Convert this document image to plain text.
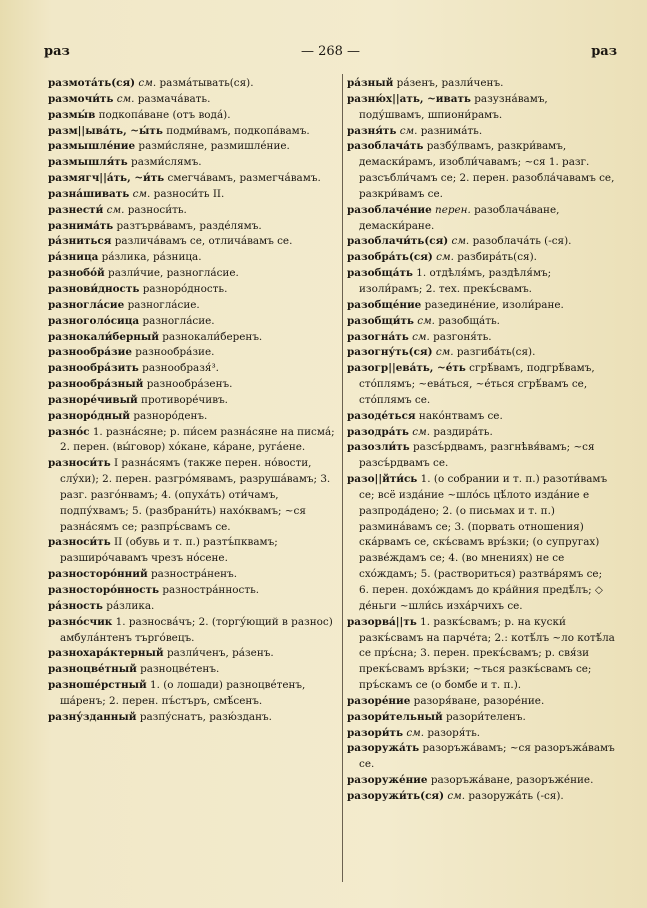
раз	— 268 —	раз

размота́ть(ся) см. разма́тывать(ся).

размочи́ть см. размача́вать.

размы́в подкопа́ване (отъ вода́).

разм||ыва́ть, ~ы́ть подми́вамъ, подкопа́вамъ.

размышле́ние разми́сляне, размишле́ние.

размышля́ть разми́слямъ.

размягч||а́ть, ~и́ть смегча́вамъ, размегча́вамъ.

разна́шивать см. разноси́ть II.

разнести́ см. разноси́ть.

разнима́ть разтърва́вамъ, разде́лямъ.

ра́зниться различа́вамъ се, отлича́вамъ се.

ра́зница ра́злика, ра́зница.

разнобо́й разли́чие, разногла́сие.

разнови́дность разноро́дность.

разногла́сие разногла́сие.

разноголо́сица разногла́сие.

разнокали́берный разнокали́беренъ.

разнообра́зие разнообра́зие.

разнообра́зить разнообразя́³.

разнообра́зный разнообра́зенъ.

разноре́чивый противоре́чивъ.

разноро́дный разноро́денъ.

разно́с 1. разна́сяне; р. пи́сем разна́сяне на писма́; 2. перен. (вы́говор) хо́кане, ка́ране, руга́ене.

разноси́ть I разна́сямъ (также перен. но́вости, слу́хи); 2. перен. разгро́мявамъ, разруша́вамъ; 3. разг. разго́нвамъ; 4. (опуха́ть) оти́чамъ, подпу́хвамъ; 5. (разбрани́ть) нахо́квамъ; ~ся разна́сямъ се; разпръ́свамъ се.

разноси́ть II (обувь и т. п.) разтъ́пквамъ; разширо́чавамъ чрезъ но́сене.

разносторо́нний разностра́ненъ.

разносторо́нность разностра́нность.

ра́зность ра́злика.

разно́счик 1. разносва́чъ; 2. (торгу́ющий в разнос) амбула́нтенъ търго́вецъ.

разнохара́ктерный разли́ченъ, ра́зенъ.

разноцве́тный разноцве́тенъ.

разноше́рстный 1. (о лошади) разноцве́тенъ, ша́ренъ; 2. перен. пъ́стъръ, смѣ́сенъ.

разну́зданный разпу́снатъ, разю́зданъ.

ра́зный ра́зенъ, разли́ченъ.

разню́х||ать, ~ивать разузна́вамъ, поду́швамъ, шпиони́рамъ.

разня́ть см. разнима́ть.

разоблача́ть разбу́лвамъ, разкри́вамъ, демаски́рамъ, изобли́чавамъ; ~ся 1. разг. разсъбли́чамъ се; 2. перен. разобла́чавамъ се, разкри́вамъ се.

разоблаче́ние перен. разоблача́ване, демаски́ране.

разоблачи́ть(ся) см. разоблача́ть (-ся).

разобра́ть(ся) см. разбира́ть(ся).

разобща́ть 1. отдѣля́мъ, раздѣля́мъ; изоли́рамъ; 2. тех. прекъ́свамъ.

разобще́ние разедине́ние, изоли́ране.

разобщи́ть см. разобща́ть.

разогна́ть см. разгоня́ть.

разогну́ть(ся) см. разгиба́ть(ся).

разогр||ева́ть, ~е́ть сгрѣ́вамъ, подгрѣ́вамъ, сто́плямъ; ~ева́ться, ~е́ться сгрѣ́вамъ се, сто́плямъ се.

разоде́ться нако́нтвамъ се.

разодра́ть см. раздира́ть.

разозли́ть разсъ́рдвамъ, разгнѣвя́вамъ; ~ся разсъ́рдвамъ се.

разо||йти́сь 1. (о собрании и т. п.) разоти́вамъ се; всё изда́ние ~шло́сь цѣ́лото изда́ние е разпрода́дено; 2. (о письмах и т. п.) размина́вамъ се; 3. (порвать отношения) ска́рвамъ се, скъ́свамъ връ́зки; (о супругах) разве́ждамъ се; 4. (во мнениях) не се схо́ждамъ; 5. (раствориться) разтва́рямъ се; 6. перен. дохо́ждамъ до кра́йния предѣ́лъ; ◇ де́ньги ~шли́сь изха́рчихъ се.

разорва́||ть 1. разкъ́свамъ; р. на куски́ разкъ́свамъ на парче́та; 2.: котѣ́лъ ~ло котѣ́ла се пръ́сна; 3. перен. прекъ́свамъ; р. свя́зи прекъ́свамъ връ́зки; ~ться разкъ́свамъ се; пръ́скамъ се (о бомбе и т. п.).

разоре́ние разоря́ване, разоре́ние.

разори́тельный разори́теленъ.

разори́ть см. разоря́ть.

разоружа́ть разоръжа́вамъ; ~ся разоръжа́вамъ се.

разоруже́ние разоръжа́ване, разоръже́ние.

разоружи́ть(ся) см. разоружа́ть (-ся).
